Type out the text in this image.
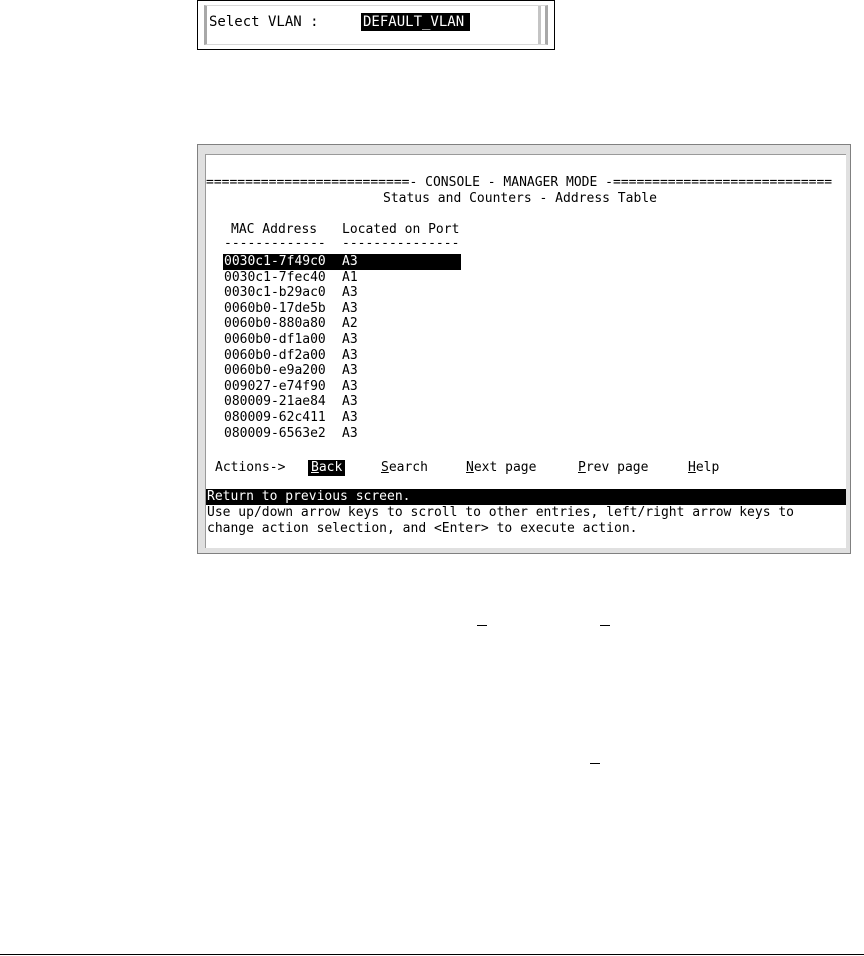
Select VLAN :	DEFAULT_VLAN
==========================- CONSOLE - MANAGER MODE -============================
Status and Counters - Address Table
MAC Address Located on Port
------------- ---------------
0030c1-7f49c0 A3
0030c1-7fec40 A1
0030c1-b29ac0 A3
0060b0-17de5b A3
0060b0-880a80 A2
0060b0-df1a00 A3
0060b0-df2a00 A3
0060b0-e9a200 A3
009027-e74f90 A3
080009-21ae84 A3
080009-62c411 A3
080009-6563e2 A3

Actions->

Back

	Search

	Next page

	Prev page

	Help

Return to previous screen.
Use up/down arrow keys to scroll to other entries, left/right arrow keys to
change action selection, and <Enter> to execute action.
